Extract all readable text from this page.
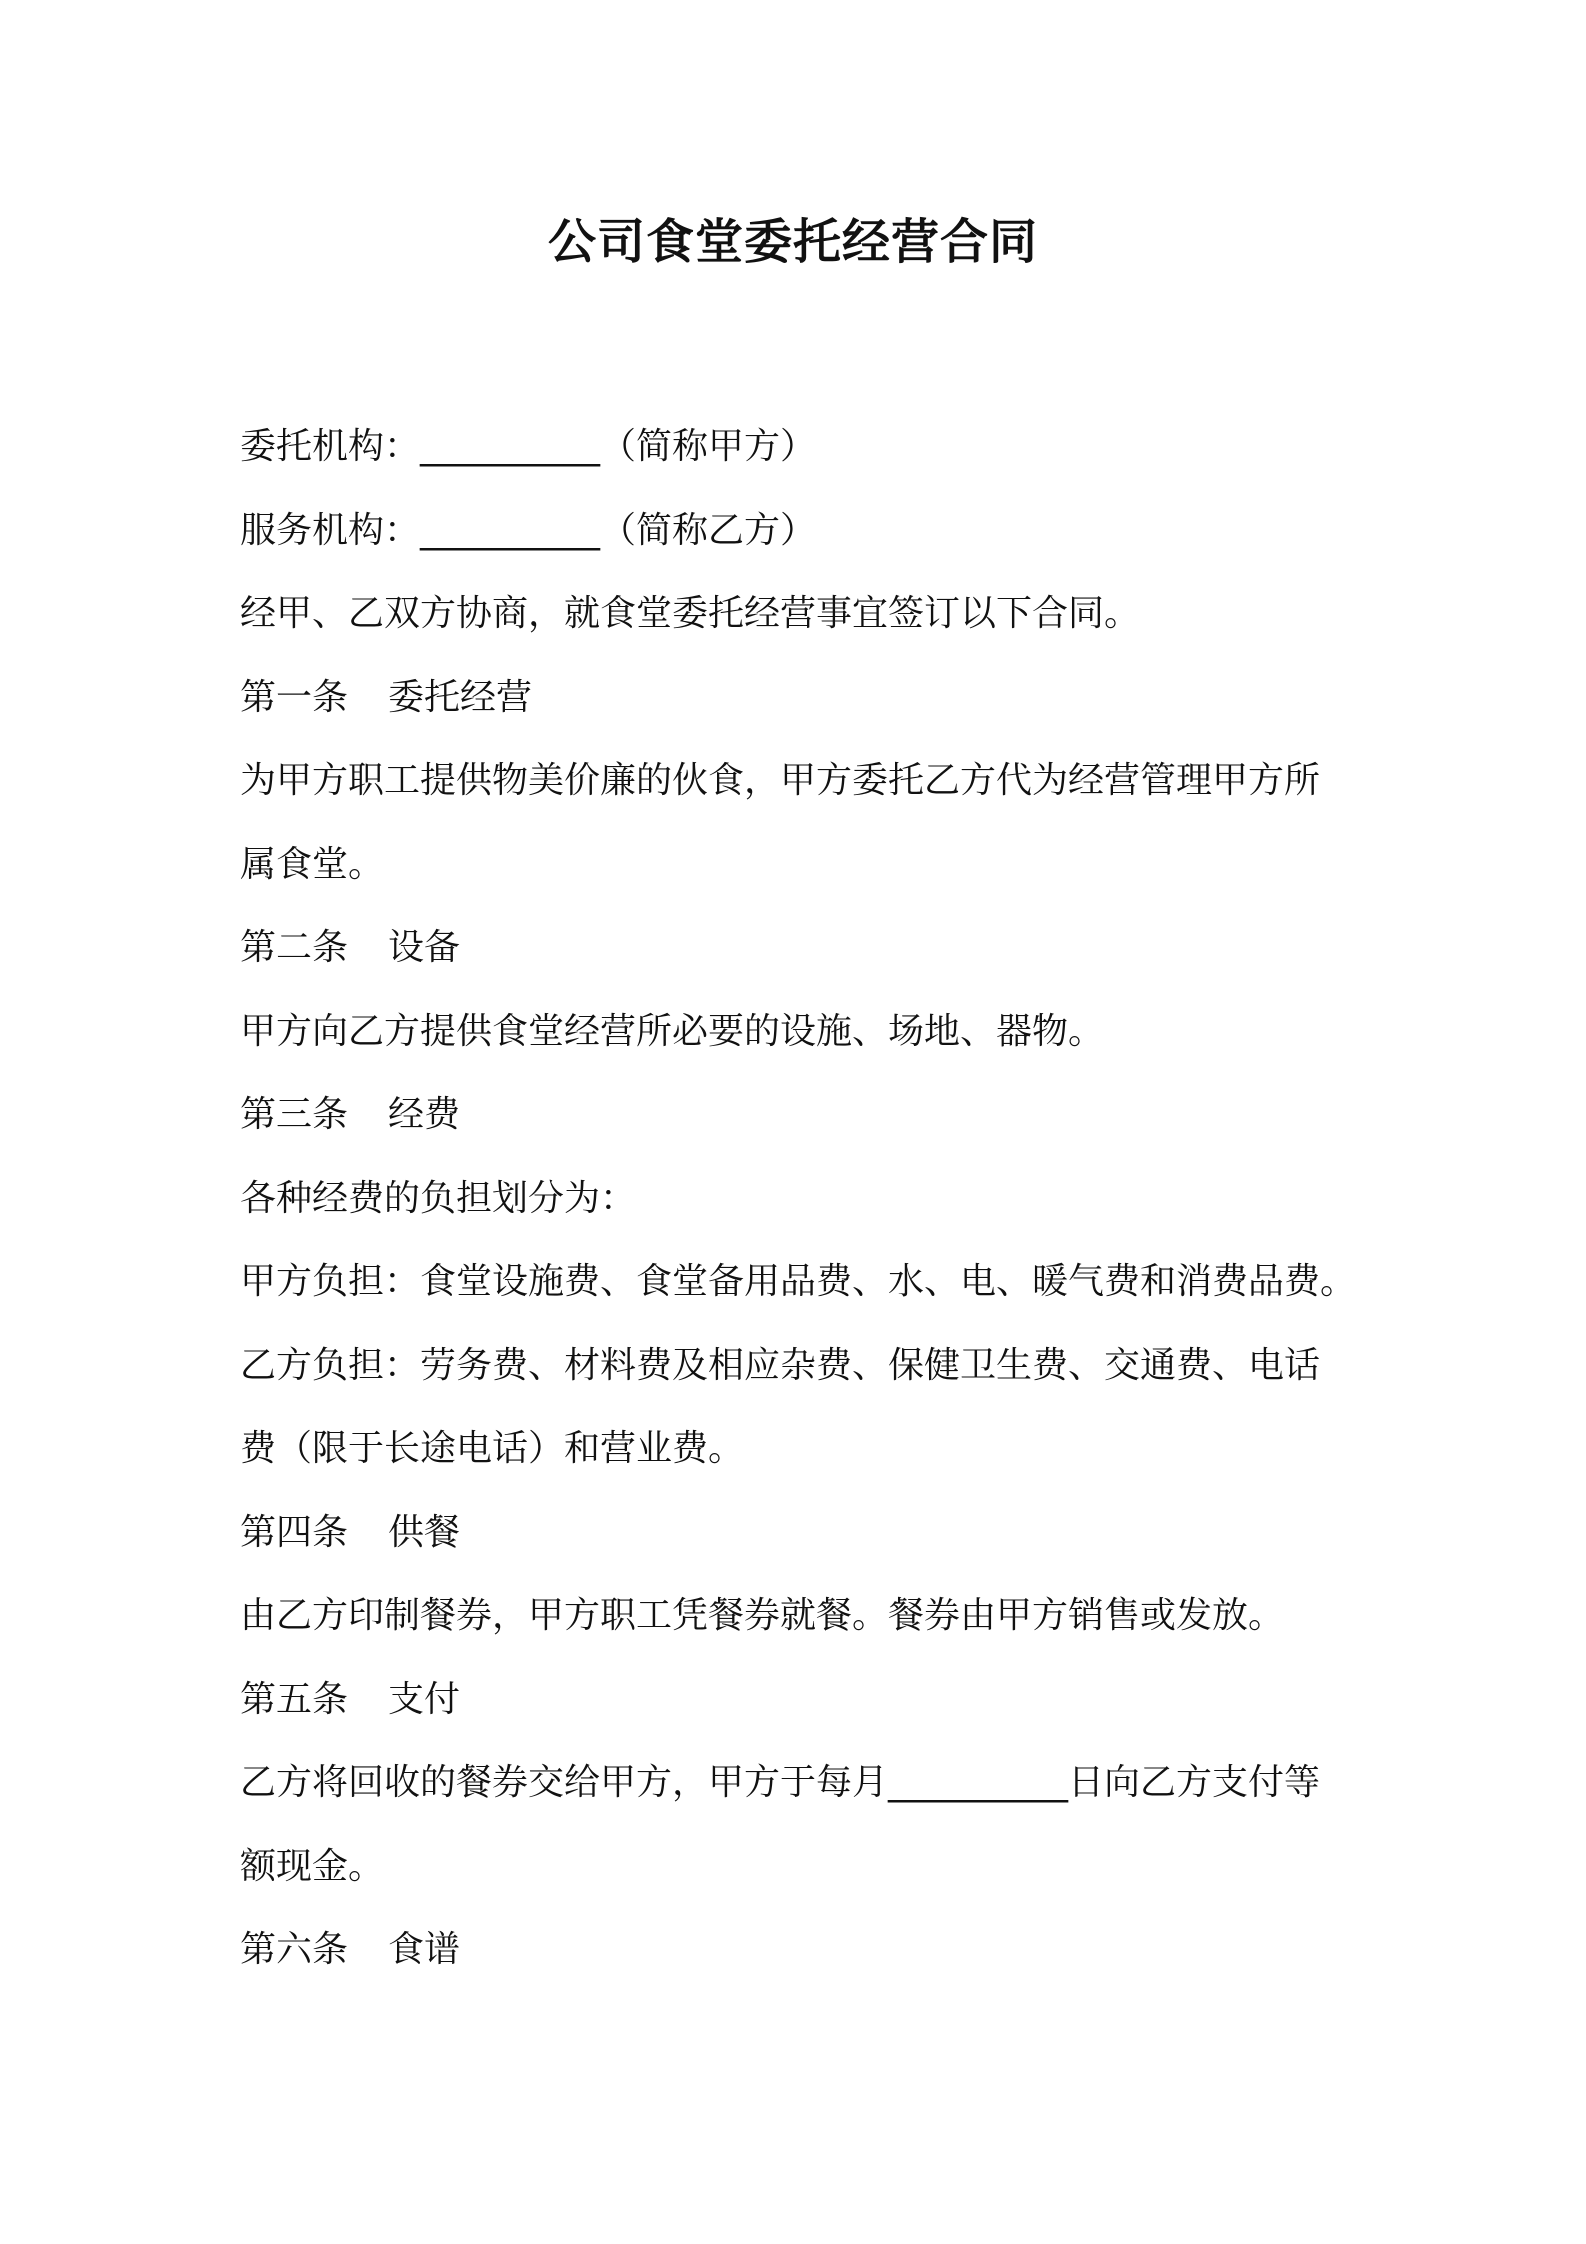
公司食堂委托经营合同
委托机构：__________（简称甲方）
服务机构：__________（简称乙方）
经甲、乙双方协商，就食堂委托经营事宜签订以下合同。
第一条 委托经营
为甲方职工提供物美价廉的伙食，甲方委托乙方代为经营管理甲方所
属食堂。
第二条 设备
甲方向乙方提供食堂经营所必要的设施、场地、器物。
第三条 经费
各种经费的负担划分为：
甲方负担：食堂设施费、食堂备用品费、水、电、暖气费和消费品费。
乙方负担：劳务费、材料费及相应杂费、保健卫生费、交通费、电话
费（限于长途电话）和营业费。
第四条 供餐
由乙方印制餐券，甲方职工凭餐券就餐。餐券由甲方销售或发放。
第五条 支付
乙方将回收的餐券交给甲方，甲方于每月__________日向乙方支付等
额现金。
第六条 食谱
